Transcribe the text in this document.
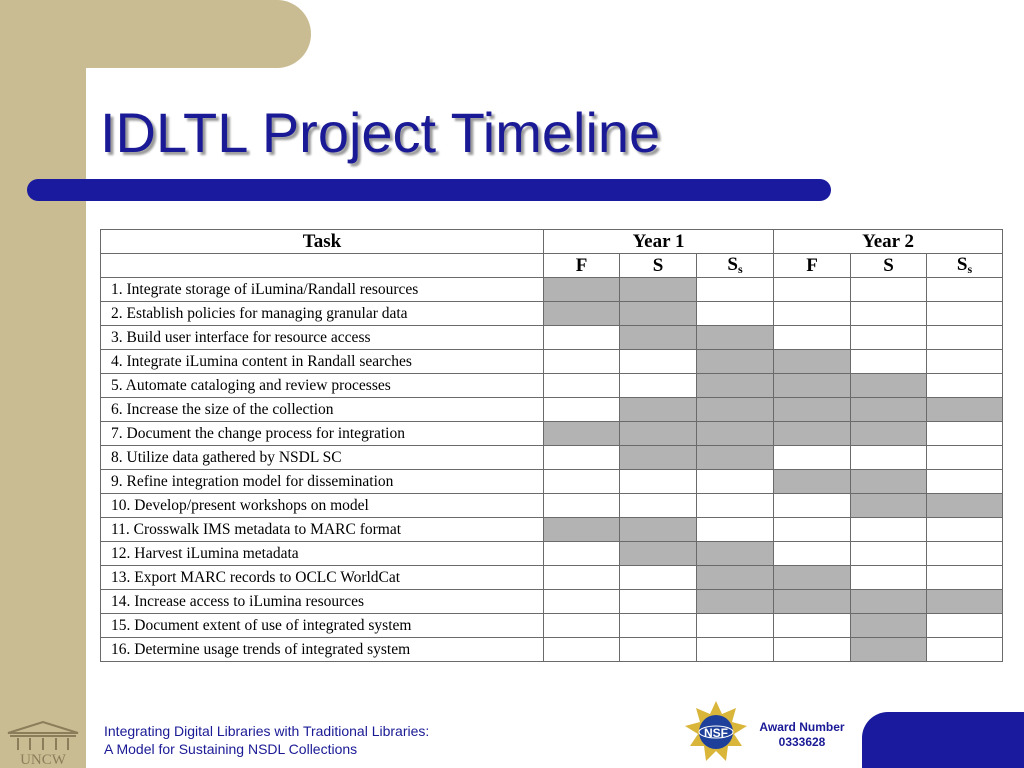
IDLTL Project Timeline
Task	Year 1			Year 2		
	F	S	$S_s$	F	S	$S_s$
1. Integrate storage of iLumina/Randall resources						
2. Establish policies for managing granular data						
3. Build user interface for resource access						
4. Integrate iLumina content in Randall searches						
5. Automate cataloging and review processes						
6. Increase the size of the collection						
7. Document the change process for integration						
8. Utilize data gathered by NSDL SC						
9. Refine integration model for dissemination						
10. Develop/present workshops on model						
11. Crosswalk IMS metadata to MARC format						
12. Harvest iLumina metadata						
13. Export MARC records to OCLC WorldCat						
14. Increase access to iLumina resources						
15. Document extent of use of integrated system						
16. Determine usage trends of integrated system						
UNCW
Integrating Digital Libraries with Traditional Libraries:
A Model for Sustaining NSDL Collections
NSF	Award Number
0333628
